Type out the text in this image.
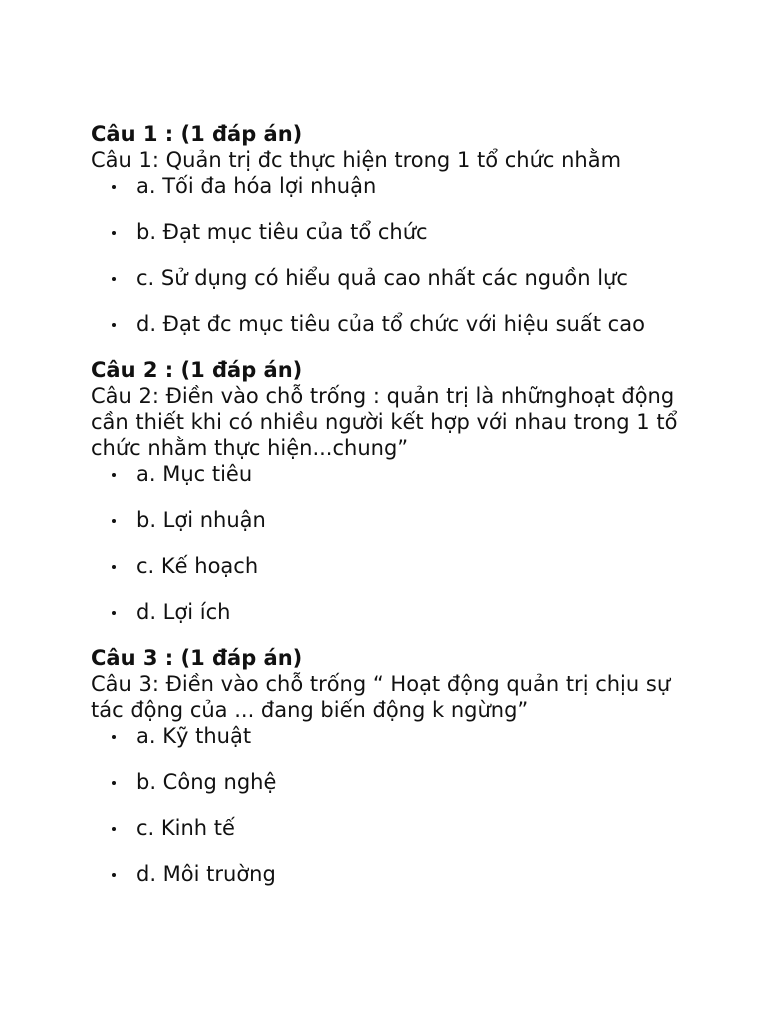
Câu 1 : (1 đáp án)

Câu 1: Quản trị đc thực hiện trong 1 tổ chức nhằm

a. Tối đa hóa lợi nhuận
b. Đạt mục tiêu của tổ chức
c. Sử dụng có hiểu quả cao nhất các nguồn lực
d. Đạt đc mục tiêu của tổ chức với hiệu suất cao

Câu 2 : (1 đáp án)

Câu 2: Điền vào chỗ trống : quản trị là nhữnghoạt động cần thiết khi có nhiều người kết hợp với nhau trong 1 tổ chức nhằm thực hiện...chung”

a. Mục tiêu
b. Lợi nhuận
c. Kế hoạch
d. Lợi ích

Câu 3 : (1 đáp án)

Câu 3: Điền vào chỗ trống “ Hoạt động quản trị chịu sự tác động của ... đang biến động k ngừng”

a. Kỹ thuật
b. Công nghệ
c. Kinh tế
d. Môi truờng
